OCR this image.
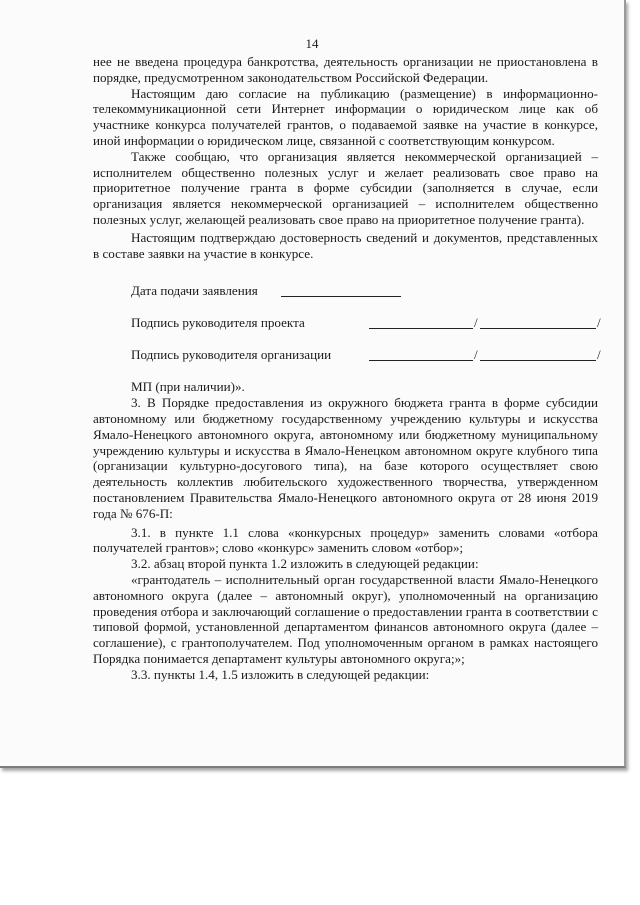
14

нее не введена процедура банкротства, деятельность организации не приостановлена в порядке, предусмотренном законодательством Российской Федерации.

Настоящим даю согласие на публикацию (размещение) в информационно-телекоммуникационной сети Интернет информации о юридическом лице как об участнике конкурса получателей грантов, о подаваемой заявке на участие в конкурсе, иной информации о юридическом лице, связанной с соответствующим конкурсом.

Также сообщаю, что организация является некоммерческой организацией – исполнителем общественно полезных услуг и желает реализовать свое право на приоритетное получение гранта в форме субсидии (заполняется в случае, если организация является некоммерческой организацией – исполнителем общественно полезных услуг, желающей реализовать свое право на приоритетное получение гранта).

Настоящим подтверждаю достоверность сведений и документов, представленных в составе заявки на участие в конкурсе.

Дата подачи заявления
Подпись руководителя проекта	/	/
Подпись руководителя организации	/	/

МП (при наличии)».

3. В Порядке предоставления из окружного бюджета гранта в форме субсидии автономному или бюджетному государственному учреждению культуры и искусства Ямало-Ненецкого автономного округа, автономному или бюджетному муниципальному учреждению культуры и искусства в Ямало-Ненецком автономном округе клубного типа (организации культурно-досугового типа), на базе которого осуществляет свою деятельность коллектив любительского художественного творчества, утвержденном постановлением Правительства Ямало-Ненецкого автономного округа от 28 июня 2019 года № 676-П:

3.1. в пункте 1.1 слова «конкурсных процедур» заменить словами «отбора получателей грантов»; слово «конкурс» заменить словом «отбор»;

3.2. абзац второй пункта 1.2 изложить в следующей редакции:

«грантодатель – исполнительный орган государственной власти Ямало-Ненецкого автономного округа (далее – автономный округ), уполномоченный на организацию проведения отбора и заключающий соглашение о предоставлении гранта в соответствии с типовой формой, установленной департаментом финансов автономного округа (далее – соглашение), с грантополучателем. Под уполномоченным органом в рамках настоящего Порядка понимается департамент культуры автономного округа;»;

3.3. пункты 1.4, 1.5 изложить в следующей редакции:
